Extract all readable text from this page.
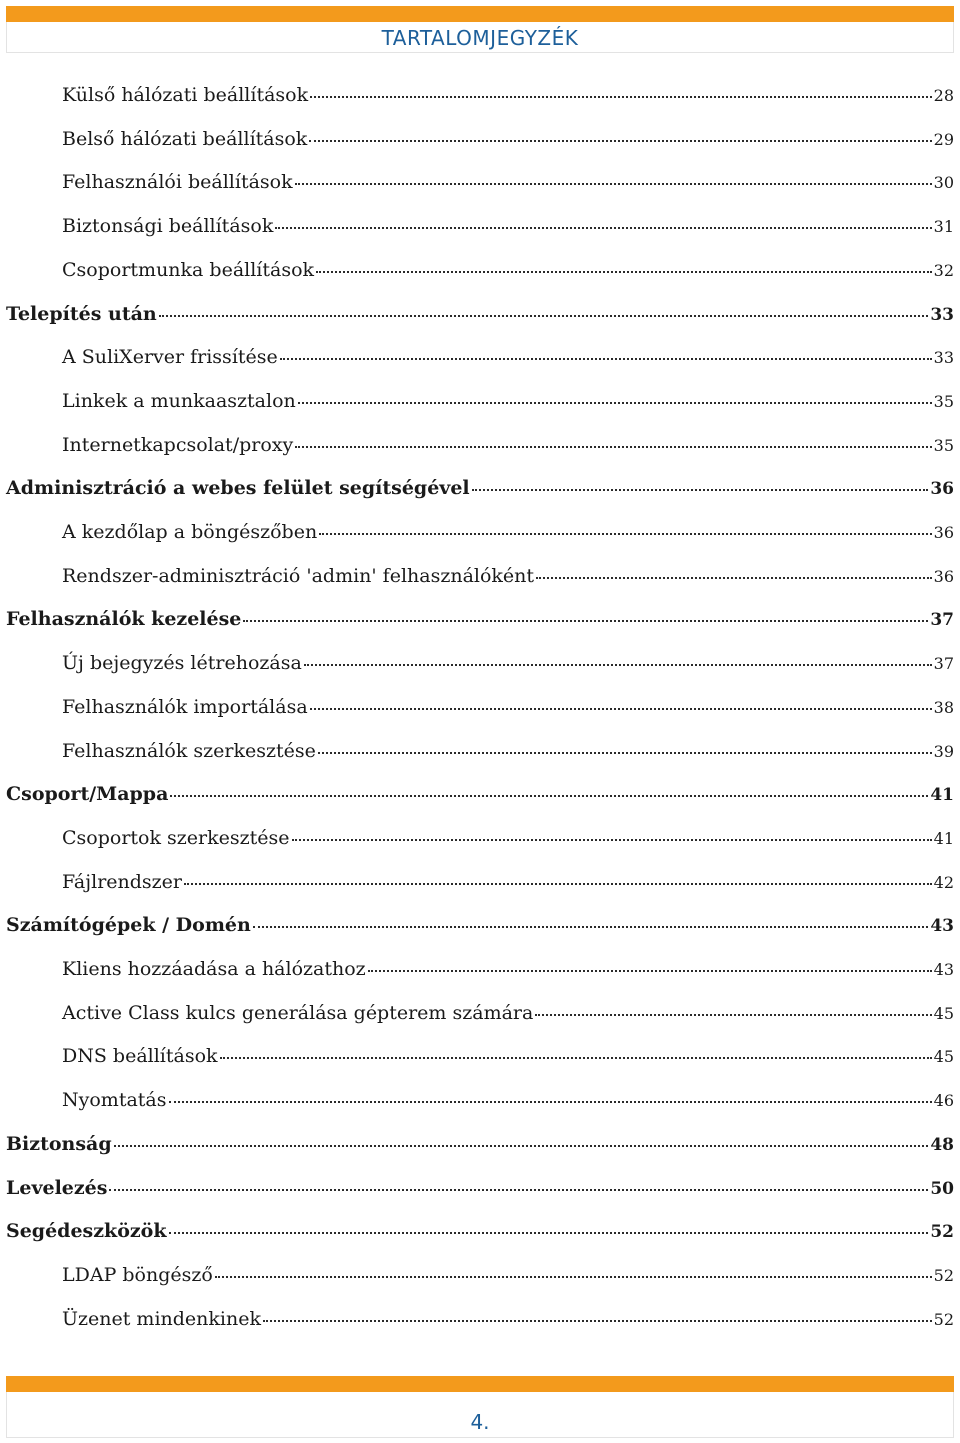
TARTALOMJEGYZÉK
Külső hálózati beállítások	28
Belső hálózati beállítások	29
Felhasználói beállítások	30
Biztonsági beállítások	31
Csoportmunka beállítások	32
Telepítés után	33
A SuliXerver frissítése	33
Linkek a munkaasztalon	35
Internetkapcsolat/proxy	35
Adminisztráció a webes felület segítségével	36
A kezdőlap a böngészőben	36
Rendszer-adminisztráció 'admin' felhasználóként	36
Felhasználók kezelése	37
Új bejegyzés létrehozása	37
Felhasználók importálása	38
Felhasználók szerkesztése	39
Csoport/Mappa	41
Csoportok szerkesztése	41
Fájlrendszer	42
Számítógépek / Domén	43
Kliens hozzáadása a hálózathoz	43
Active Class kulcs generálása gépterem számára	45
DNS beállítások	45
Nyomtatás	46
Biztonság	48
Levelezés	50
Segédeszközök	52
LDAP böngésző	52
Üzenet mindenkinek	52
4.
